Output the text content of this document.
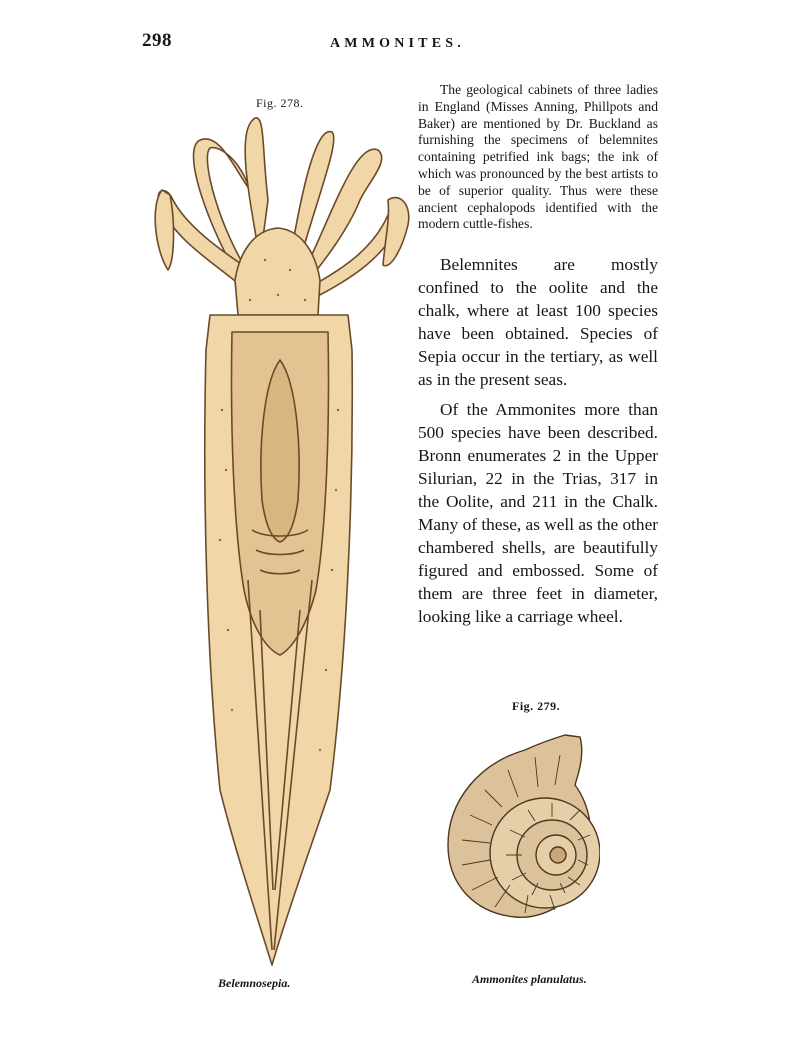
298	AMMONITES.
Fig. 278.
The geological cabinets of three ladies in England (Misses Anning, Phillpots and Baker) are mentioned by Dr. Buckland as furnishing the specimens of belemnites containing petrified ink bags; the ink of which was pronounced by the best artists to be of superior quality. Thus were these ancient cephalopods identified with the modern cuttle-fishes.

Belemnites are mostly confined to the oolite and the chalk, where at least 100 species have been obtained. Species of Sepia occur in the tertiary, as well as in the present seas.

Of the Ammonites more than 500 species have been described. Bronn enumerates 2 in the Upper Silurian, 22 in the Trias, 317 in the Oolite, and 211 in the Chalk. Many of these, as well as the other chambered shells, are beautifully figured and embossed. Some of them are three feet in diameter, looking like a carriage wheel.

Fig. 279.
Belemnosepia.	Ammonites planulatus.
